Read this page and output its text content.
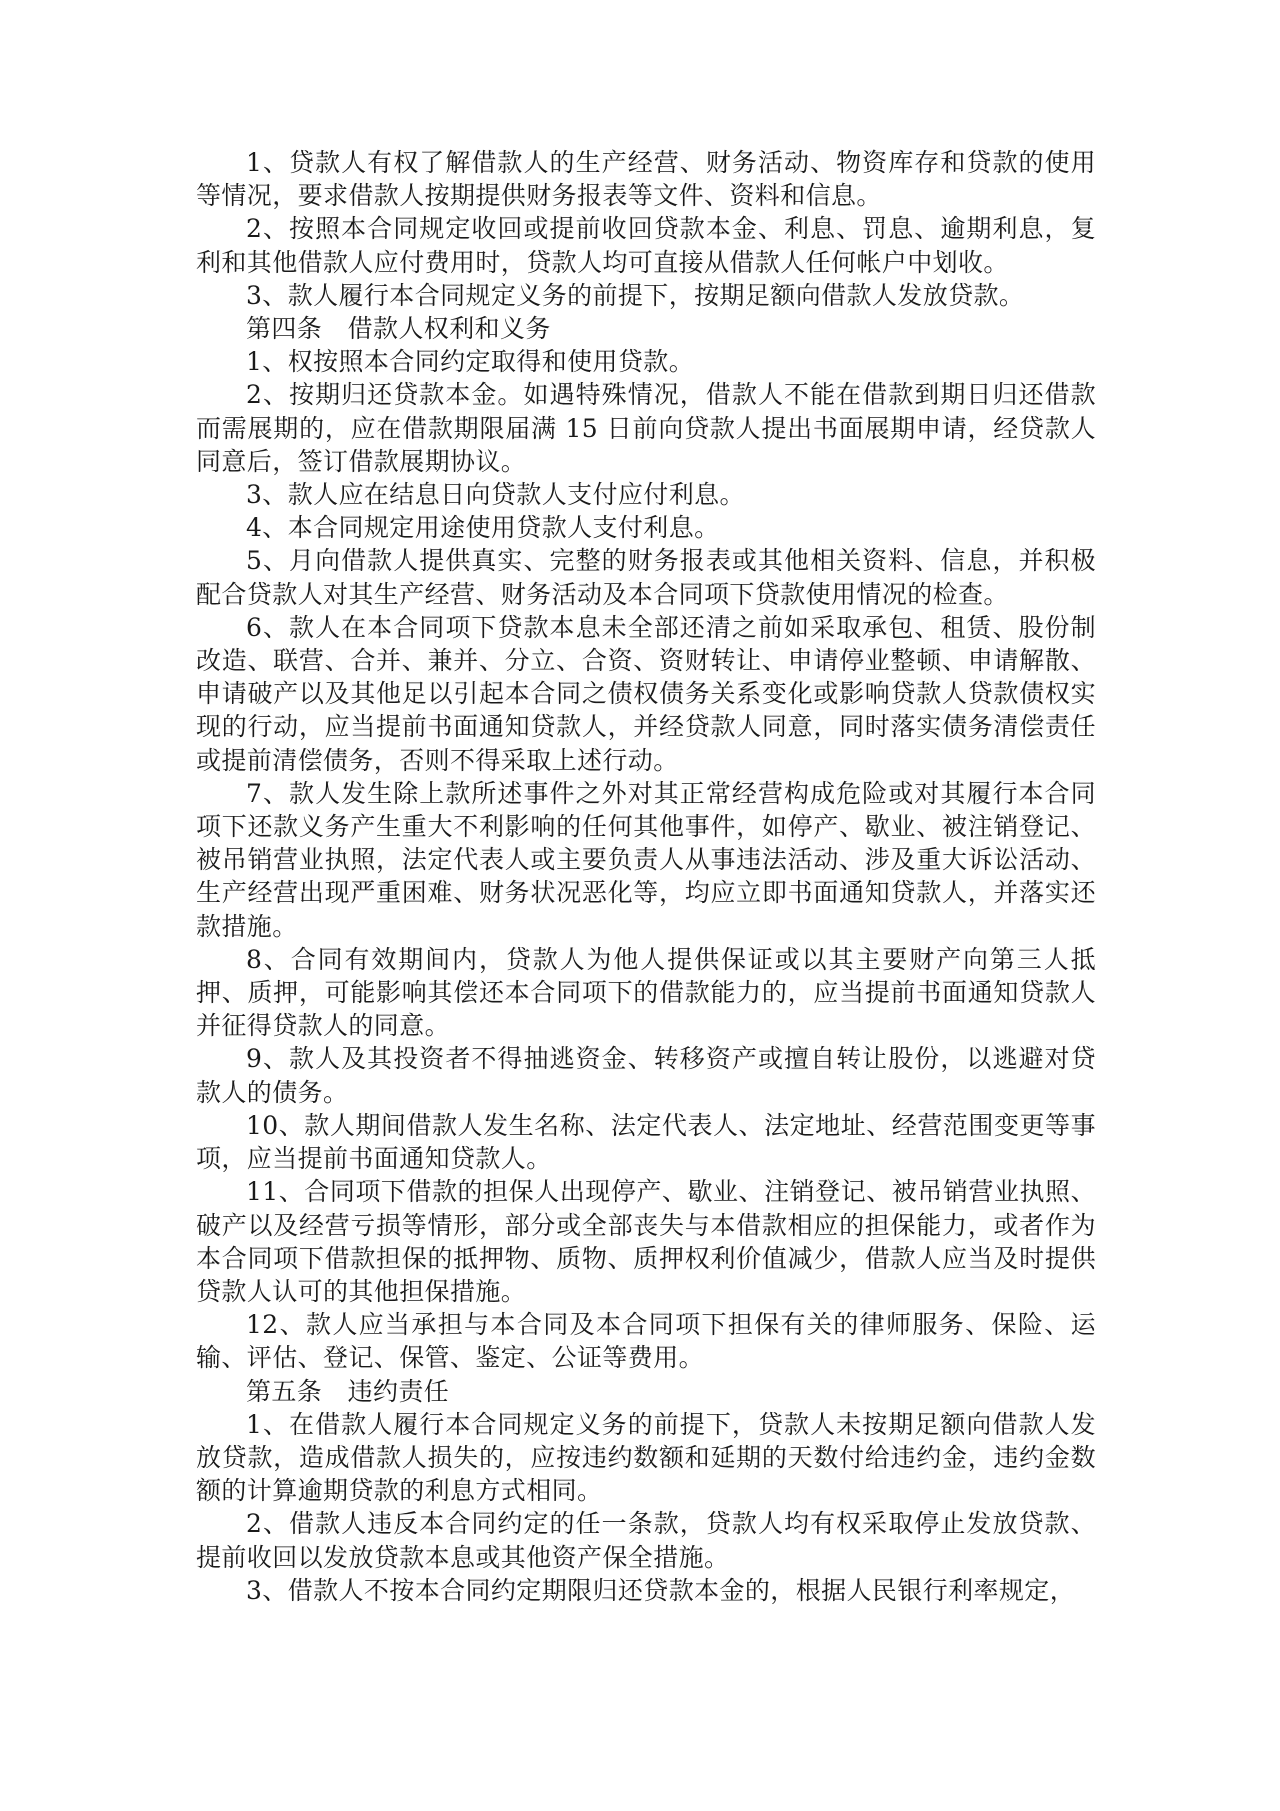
1、贷款人有权了解借款人的生产经营、财务活动、物资库存和贷款的使用等情况，要求借款人按期提供财务报表等文件、资料和信息。

2、按照本合同规定收回或提前收回贷款本金、利息、罚息、逾期利息，复利和其他借款人应付费用时，贷款人均可直接从借款人任何帐户中划收。

3、款人履行本合同规定义务的前提下，按期足额向借款人发放贷款。

第四条　借款人权利和义务

1、权按照本合同约定取得和使用贷款。

2、按期归还贷款本金。如遇特殊情况，借款人不能在借款到期日归还借款而需展期的，应在借款期限届满 15 日前向贷款人提出书面展期申请，经贷款人同意后，签订借款展期协议。

3、款人应在结息日向贷款人支付应付利息。

4、本合同规定用途使用贷款人支付利息。

5、月向借款人提供真实、完整的财务报表或其他相关资料、信息，并积极配合贷款人对其生产经营、财务活动及本合同项下贷款使用情况的检查。

6、款人在本合同项下贷款本息未全部还清之前如采取承包、租赁、股份制改造、联营、合并、兼并、分立、合资、资财转让、申请停业整顿、申请解散、申请破产以及其他足以引起本合同之债权债务关系变化或影响贷款人贷款债权实现的行动，应当提前书面通知贷款人，并经贷款人同意，同时落实债务清偿责任或提前清偿债务，否则不得采取上述行动。

7、款人发生除上款所述事件之外对其正常经营构成危险或对其履行本合同项下还款义务产生重大不利影响的任何其他事件，如停产、歇业、被注销登记、被吊销营业执照，法定代表人或主要负责人从事违法活动、涉及重大诉讼活动、生产经营出现严重困难、财务状况恶化等，均应立即书面通知贷款人，并落实还款措施。

8、合同有效期间内，贷款人为他人提供保证或以其主要财产向第三人抵押、质押，可能影响其偿还本合同项下的借款能力的，应当提前书面通知贷款人并征得贷款人的同意。

9、款人及其投资者不得抽逃资金、转移资产或擅自转让股份，以逃避对贷款人的债务。

10、款人期间借款人发生名称、法定代表人、法定地址、经营范围变更等事项，应当提前书面通知贷款人。

11、合同项下借款的担保人出现停产、歇业、注销登记、被吊销营业执照、破产以及经营亏损等情形，部分或全部丧失与本借款相应的担保能力，或者作为本合同项下借款担保的抵押物、质物、质押权利价值减少，借款人应当及时提供贷款人认可的其他担保措施。

12、款人应当承担与本合同及本合同项下担保有关的律师服务、保险、运输、评估、登记、保管、鉴定、公证等费用。

第五条　违约责任

1、在借款人履行本合同规定义务的前提下，贷款人未按期足额向借款人发放贷款，造成借款人损失的，应按违约数额和延期的天数付给违约金，违约金数额的计算逾期贷款的利息方式相同。

2、借款人违反本合同约定的任一条款，贷款人均有权采取停止发放贷款、提前收回以发放贷款本息或其他资产保全措施。

3、借款人不按本合同约定期限归还贷款本金的，根据人民银行利率规定，
